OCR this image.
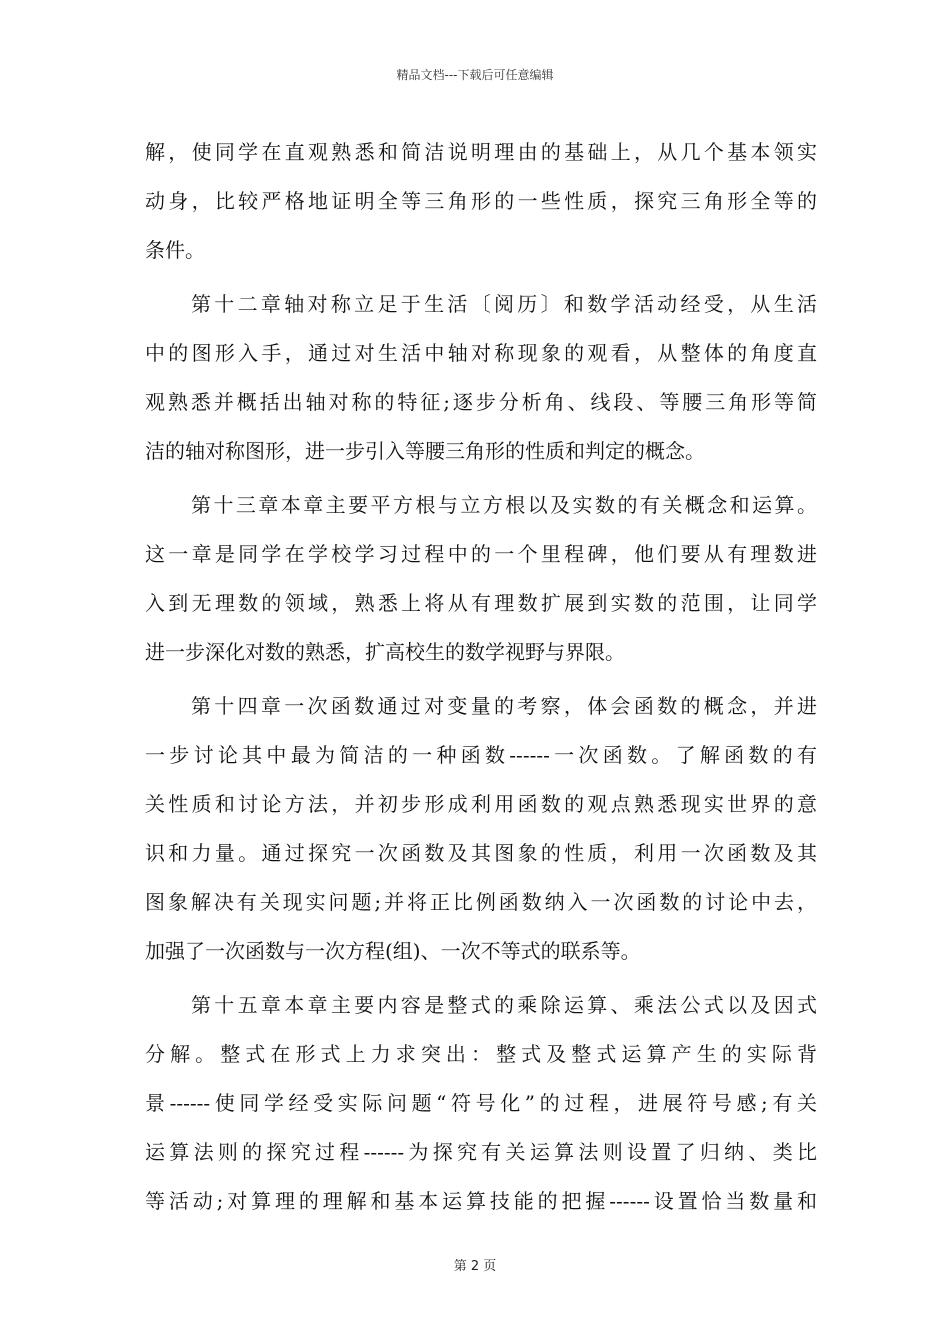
精品文档---下载后可任意编辑
解，使同学在直观熟悉和简洁说明理由的基础上，从几个基本领实
动身，比较严格地证明全等三角形的一些性质，探究三角形全等的
条件。
第十二章轴对称立足于生活〔阅历〕和数学活动经受，从生活
中的图形入手，通过对生活中轴对称现象的观看，从整体的角度直
观熟悉并概括出轴对称的特征;逐步分析角、线段、等腰三角形等简
洁的轴对称图形，进一步引入等腰三角形的性质和判定的概念。
第十三章本章主要平方根与立方根以及实数的有关概念和运算。
这一章是同学在学校学习过程中的一个里程碑，他们要从有理数进
入到无理数的领域，熟悉上将从有理数扩展到实数的范围，让同学
进一步深化对数的熟悉，扩高校生的数学视野与界限。
第十四章一次函数通过对变量的考察，体会函数的概念，并进
一步讨论其中最为简洁的一种函数------一次函数。了解函数的有
关性质和讨论方法，并初步形成利用函数的观点熟悉现实世界的意
识和力量。通过探究一次函数及其图象的性质，利用一次函数及其
图象解决有关现实问题;并将正比例函数纳入一次函数的讨论中去，
加强了一次函数与一次方程(组)、一次不等式的联系等。
第十五章本章主要内容是整式的乘除运算、乘法公式以及因式
分解。整式在形式上力求突出：整式及整式运算产生的实际背
景------使同学经受实际问题“符号化”的过程，进展符号感;有关
运算法则的探究过程------为探究有关运算法则设置了归纳、类比
等活动;对算理的理解和基本运算技能的把握------设置恰当数量和
第 2 页
